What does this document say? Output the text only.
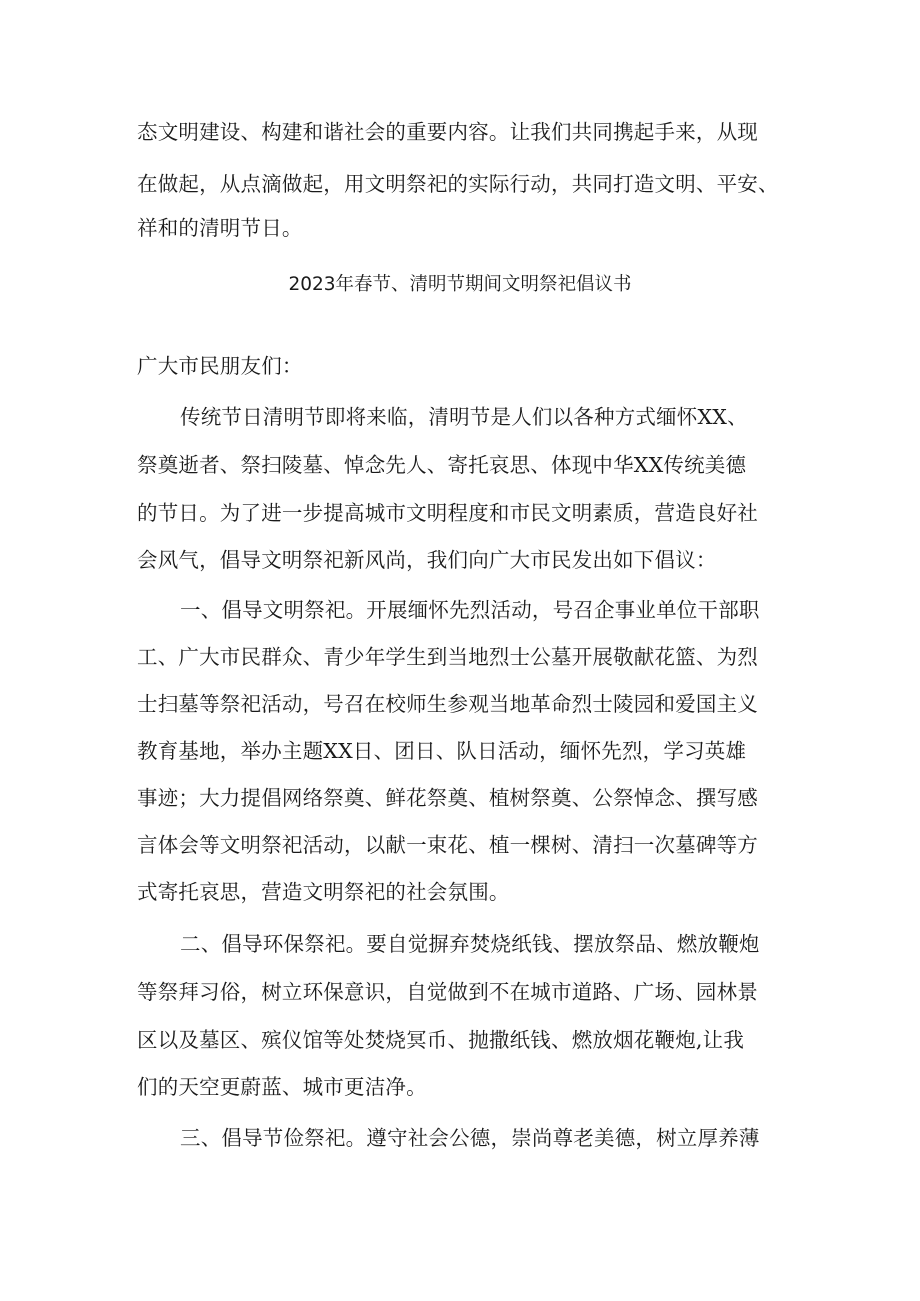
态文明建设、构建和谐社会的重要内容。让我们共同携起手来，从现
在做起，从点滴做起，用文明祭祀的实际行动，共同打造文明、平安、
祥和的清明节日。
2023年春节、清明节期间文明祭祀倡议书
广大市民朋友们：
传统节日清明节即将来临，清明节是人们以各种方式缅怀XX、
祭奠逝者、祭扫陵墓、悼念先人、寄托哀思、体现中华XX传统美德
的节日。为了进一步提高城市文明程度和市民文明素质，营造良好社
会风气，倡导文明祭祀新风尚，我们向广大市民发出如下倡议：
一、倡导文明祭祀。开展缅怀先烈活动，号召企事业单位干部职
工、广大市民群众、青少年学生到当地烈士公墓开展敬献花篮、为烈
士扫墓等祭祀活动，号召在校师生参观当地革命烈士陵园和爱国主义
教育基地，举办主题XX日、团日、队日活动，缅怀先烈，学习英雄
事迹；大力提倡网络祭奠、鲜花祭奠、植树祭奠、公祭悼念、撰写感
言体会等文明祭祀活动，以献一束花、植一棵树、清扫一次墓碑等方
式寄托哀思，营造文明祭祀的社会氛围。
二、倡导环保祭祀。要自觉摒弃焚烧纸钱、摆放祭品、燃放鞭炮
等祭拜习俗，树立环保意识，自觉做到不在城市道路、广场、园林景
区以及墓区、殡仪馆等处焚烧冥币、抛撒纸钱、燃放烟花鞭炮,让我
们的天空更蔚蓝、城市更洁净。
三、倡导节俭祭祀。遵守社会公德，崇尚尊老美德，树立厚养薄
